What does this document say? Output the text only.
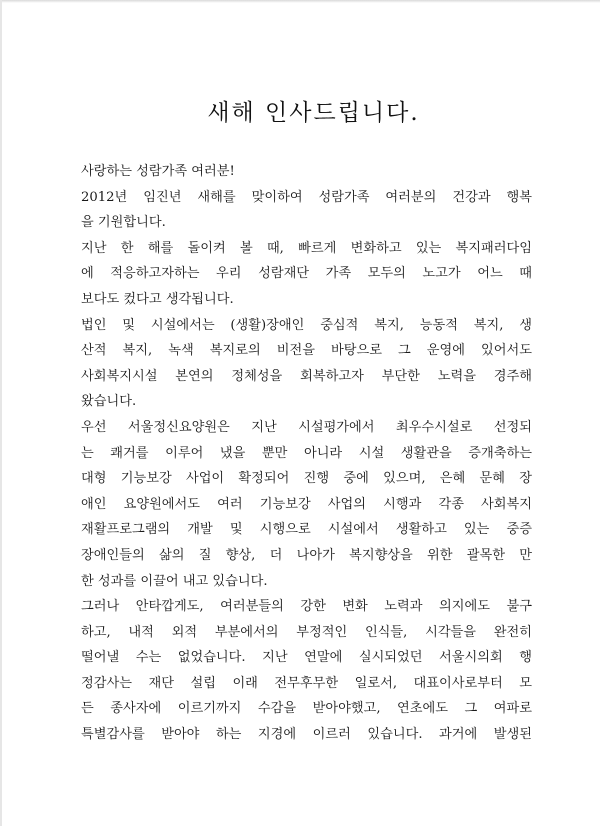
새해 인사드립니다.
사랑하는 성람가족 여러분!
2012년 임진년 새해를 맞이하여 성람가족 여러분의 건강과 행복
을 기원합니다.
지난 한 해를 돌이켜 볼 때, 빠르게 변화하고 있는 복지패러다임
에 적응하고자하는 우리 성람재단 가족 모두의 노고가 어느 때
보다도 컸다고 생각됩니다.
법인 및 시설에서는 (생활)장애인 중심적 복지, 능동적 복지, 생
산적 복지, 녹색 복지로의 비전을 바탕으로 그 운영에 있어서도
사회복지시설 본연의 정체성을 회복하고자 부단한 노력을 경주해
왔습니다.
우선 서울정신요양원은 지난 시설평가에서 최우수시설로 선정되
는 쾌거를 이루어 냈을 뿐만 아니라 시설 생활관을 증개축하는
대형 기능보강 사업이 확정되어 진행 중에 있으며, 은혜 문혜 장
애인 요양원에서도 여러 기능보강 사업의 시행과 각종 사회복지
재활프로그램의 개발 및 시행으로 시설에서 생활하고 있는 중증
장애인들의 삶의 질 향상, 더 나아가 복지향상을 위한 괄목한 만
한 성과를 이끌어 내고 있습니다.
그러나 안타깝게도, 여러분들의 강한 변화 노력과 의지에도 불구
하고, 내적 외적 부분에서의 부정적인 인식들, 시각들을 완전히
떨어낼 수는 없었습니다. 지난 연말에 실시되었던 서울시의회 행
정감사는 재단 설립 이래 전무후무한 일로서, 대표이사로부터 모
든 종사자에 이르기까지 수감을 받아야했고, 연초에도 그 여파로
특별감사를 받아야 하는 지경에 이르러 있습니다. 과거에 발생된
